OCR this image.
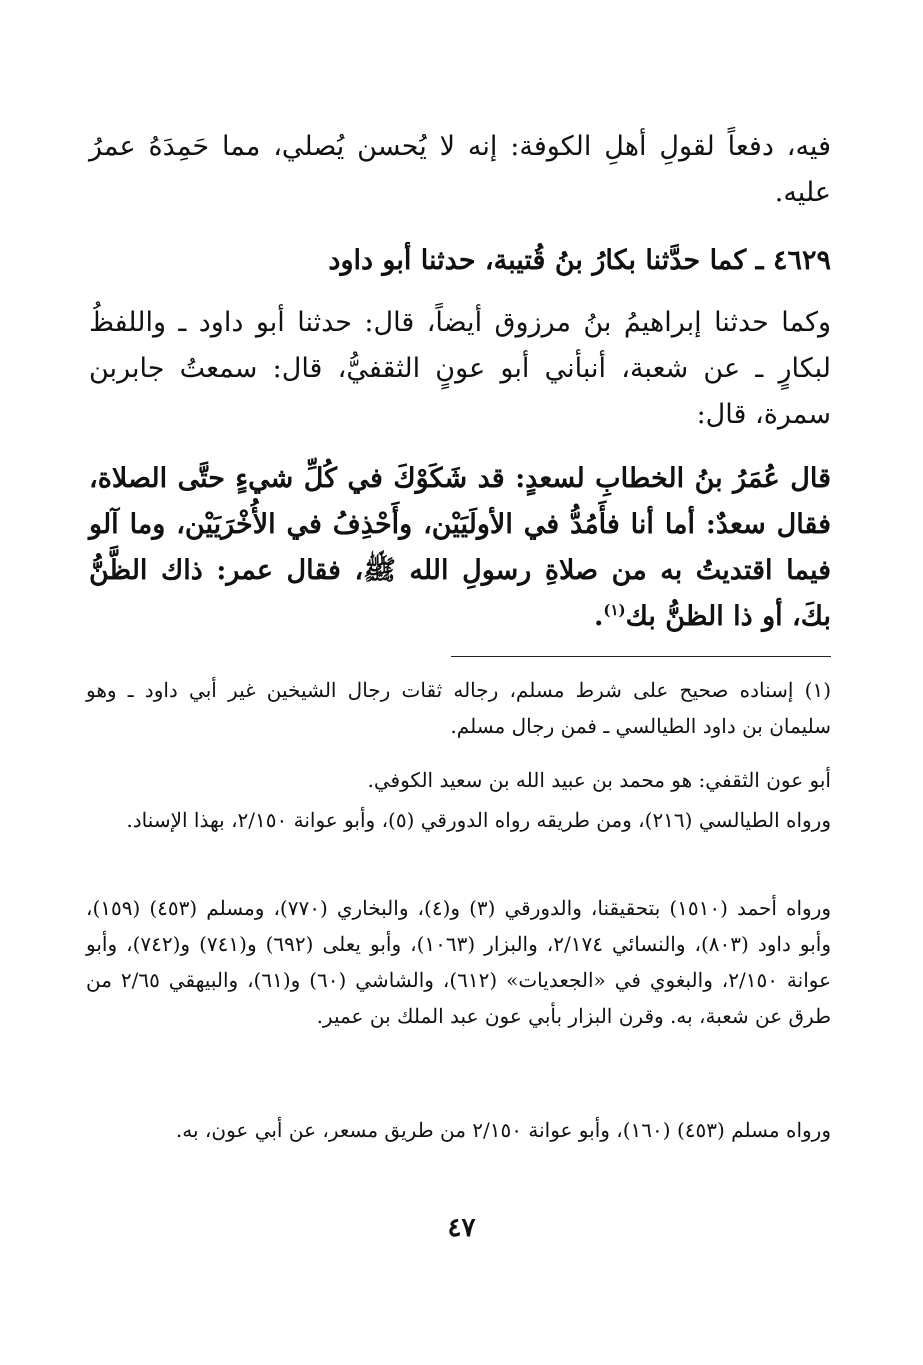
فيه، دفعاً لقولِ أهلِ الكوفة: إنه لا يُحسن يُصلي، مما حَمِدَهُ عمرُ عليه.

٤٦٢٩ ـ كما حدَّثنا بكارُ بنُ قُتيبة، حدثنا أبو داود

وكما حدثنا إبراهيمُ بنُ مرزوق أيضاً، قال: حدثنا أبو داود ـ واللفظُ لبكارٍ ـ عن شعبة، أنبأني أبو عونٍ الثقفيُّ، قال: سمعتُ جابربن سمرة، قال:

قال عُمَرُ بنُ الخطابِ لسعدٍ: قد شَكَوْكَ في كُلِّ شيءٍ حتَّى الصلاة، فقال سعدٌ: أما أنا فأَمُدُّ في الأولَيَيْن، وأَحْذِفُ في الأُخْرَيَيْن، وما آلو فيما اقتديتُ به من صلاةِ رسولِ الله ﷺ، فقال عمر: ذاك الظَّنُّ بكَ، أو ذا الظنُّ بك$^{(١)}$.

(١) إسناده صحيح على شرط مسلم، رجاله ثقات رجال الشيخين غير أبي داود ـ وهو سليمان بن داود الطيالسي ـ فمن رجال مسلم.

أبو عون الثقفي: هو محمد بن عبيد الله بن سعيد الكوفي.

ورواه الطيالسي (٢١٦)، ومن طريقه رواه الدورقي (٥)، وأبو عوانة ٢/١٥٠، بهذا الإسناد.

ورواه أحمد (١٥١٠) بتحقيقنا، والدورقي (٣) و(٤)، والبخاري (٧٧٠)، ومسلم (٤٥٣) (١٥٩)، وأبو داود (٨٠٣)، والنسائي ٢/١٧٤، والبزار (١٠٦٣)، وأبو يعلى (٦٩٢) و(٧٤١) و(٧٤٢)، وأبو عوانة ٢/١٥٠، والبغوي في «الجعديات» (٦١٢)، والشاشي (٦٠) و(٦١)، والبيهقي ٢/٦٥ من طرق عن شعبة، به. وقرن البزار بأبي عون عبد الملك بن عمير.

ورواه مسلم (٤٥٣) (١٦٠)، وأبو عوانة ٢/١٥٠ من طريق مسعر، عن أبي عون، به.

٤٧
